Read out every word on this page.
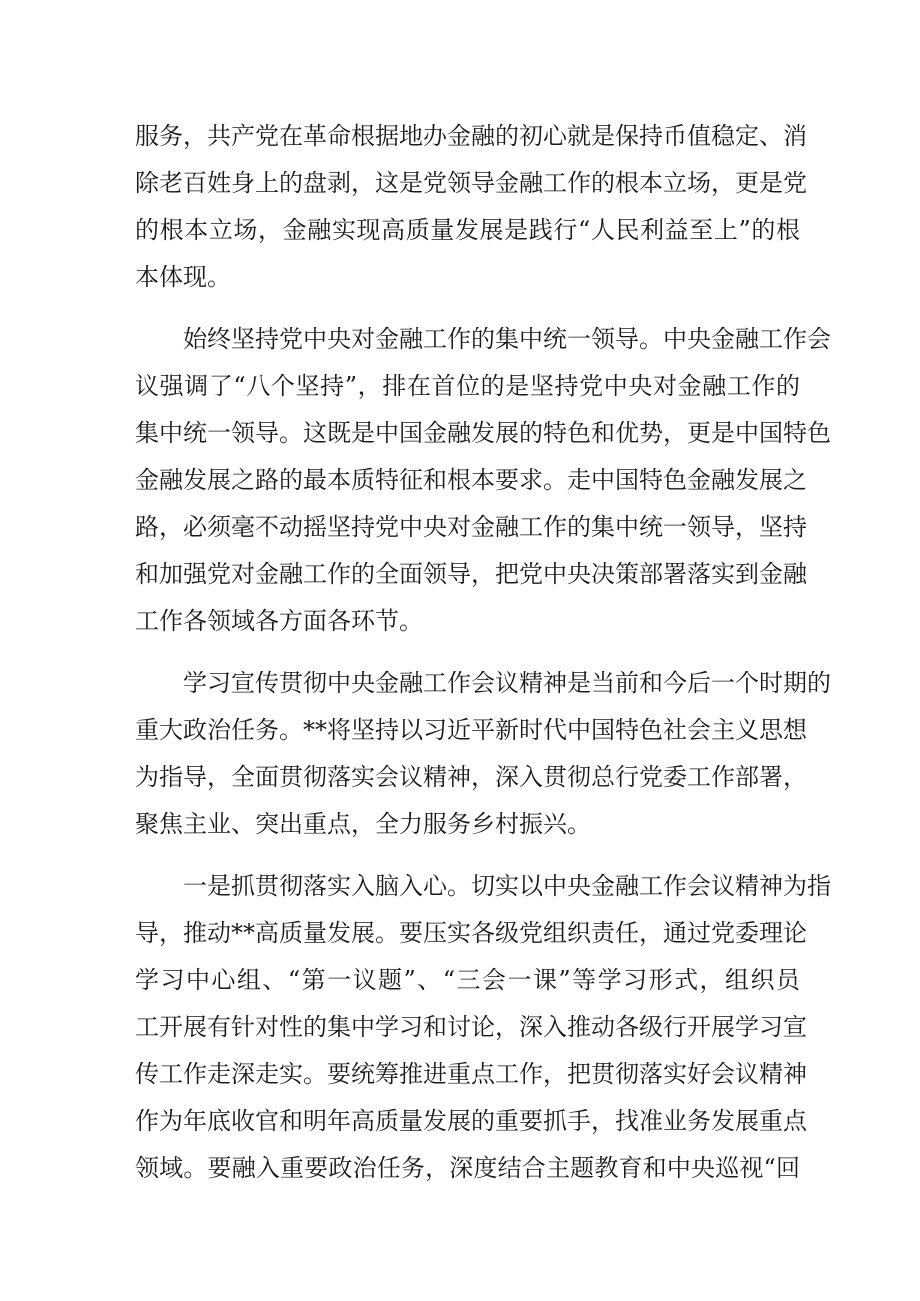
服务，共产党在革命根据地办金融的初心就是保持币值稳定、消
除老百姓身上的盘剥，这是党领导金融工作的根本立场，更是党
的根本立场，金融实现高质量发展是践行“人民利益至上”的根
本体现。
　　始终坚持党中央对金融工作的集中统一领导。中央金融工作会
议强调了“八个坚持”，排在首位的是坚持党中央对金融工作的
集中统一领导。这既是中国金融发展的特色和优势，更是中国特色
金融发展之路的最本质特征和根本要求。走中国特色金融发展之
路，必须毫不动摇坚持党中央对金融工作的集中统一领导，坚持
和加强党对金融工作的全面领导，把党中央决策部署落实到金融
工作各领域各方面各环节。
　　学习宣传贯彻中央金融工作会议精神是当前和今后一个时期的
重大政治任务。**将坚持以习近平新时代中国特色社会主义思想
为指导，全面贯彻落实会议精神，深入贯彻总行党委工作部署，
聚焦主业、突出重点，全力服务乡村振兴。
　　一是抓贯彻落实入脑入心。切实以中央金融工作会议精神为指
导，推动**高质量发展。要压实各级党组织责任，通过党委理论
学习中心组、“第一议题”、“三会一课”等学习形式，组织员
工开展有针对性的集中学习和讨论，深入推动各级行开展学习宣
传工作走深走实。要统筹推进重点工作，把贯彻落实好会议精神
作为年底收官和明年高质量发展的重要抓手，找准业务发展重点
领域。要融入重要政治任务，深度结合主题教育和中央巡视“回
